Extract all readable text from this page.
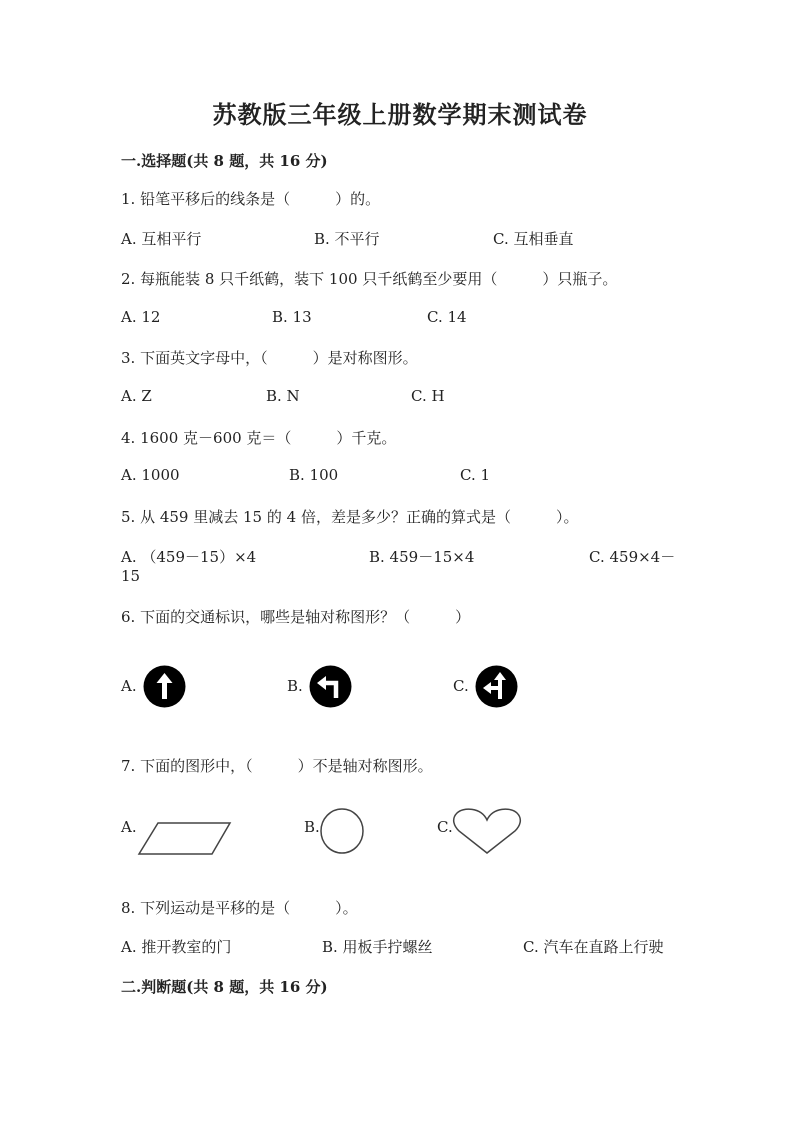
苏教版三年级上册数学期末测试卷
一.选择题(共 8 题，共 16 分)
1. 铅笔平移后的线条是（　　　）的。
A. 互相平行	B. 不平行	C. 互相垂直
2. 每瓶能装 8 只千纸鹤，装下 100 只千纸鹤至少要用（　　　）只瓶子。
A. 12	B. 13	C. 14
3. 下面英文字母中，（　　　）是对称图形。
A. Z	B. N	C. H
4. 1600 克－600 克＝（　　　）千克。
A. 1000	B. 100	C. 1
5. 从 459 里减去 15 的 4 倍，差是多少？正确的算式是（　　　）。
A. （459－15）×4	B. 459－15×4	C. 459×4－
15
6. 下面的交通标识，哪些是轴对称图形？（　　　）
A.	B.	C.
7. 下面的图形中，（　　　）不是轴对称图形。
A.	B.	C.
8. 下列运动是平移的是（　　　）。
A. 推开教室的门	B. 用板手拧螺丝	C. 汽车在直路上行驶
二.判断题(共 8 题，共 16 分)
